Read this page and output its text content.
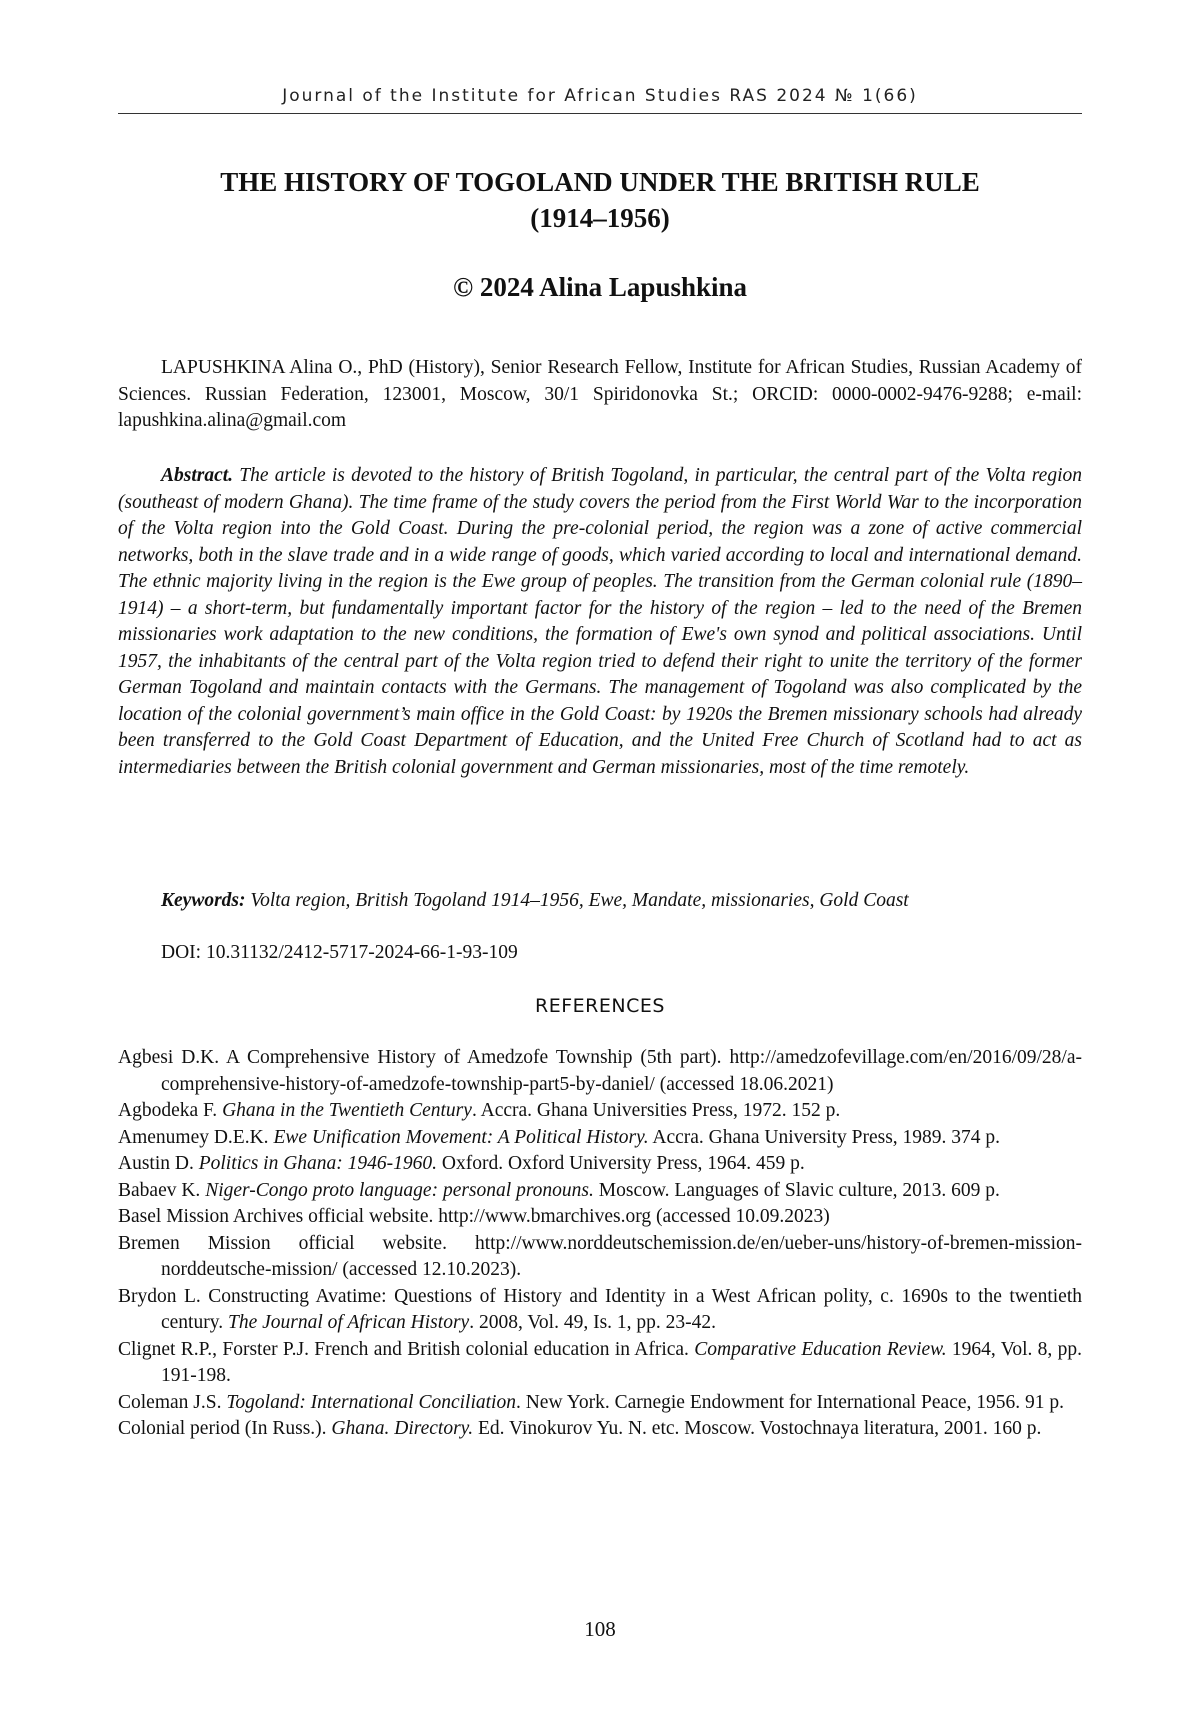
Journal of the Institute for African Studies RAS 2024 № 1(66)
THE HISTORY OF TOGOLAND UNDER THE BRITISH RULE
(1914–1956)
© 2024 Alina Lapushkina

LAPUSHKINA Alina O., PhD (History), Senior Research Fellow, Institute for African Studies, Russian Academy of Sciences. Russian Federation, 123001, Moscow, 30/1 Spiridonovka St.; ORCID: 0000-0002-9476-9288; e-mail: lapushkina.alina@gmail.com

Abstract. The article is devoted to the history of British Togoland, in particular, the central part of the Volta region (southeast of modern Ghana). The time frame of the study covers the period from the First World War to the incorporation of the Volta region into the Gold Coast. During the pre-colonial period, the region was a zone of active commercial networks, both in the slave trade and in a wide range of goods, which varied according to local and international demand. The ethnic majority living in the region is the Ewe group of peoples. The transition from the German colonial rule (1890–1914) – a short-term, but fundamentally important factor for the history of the region – led to the need of the Bremen missionaries work adaptation to the new conditions, the formation of Ewe's own synod and political associations. Until 1957, the inhabitants of the central part of the Volta region tried to defend their right to unite the territory of the former German Togoland and maintain contacts with the Germans. The management of Togoland was also complicated by the location of the colonial government’s main office in the Gold Coast: by 1920s the Bremen missionary schools had already been transferred to the Gold Coast Department of Education, and the United Free Church of Scotland had to act as intermediaries between the British colonial government and German missionaries, most of the time remotely.

Keywords: Volta region, British Togoland 1914–1956, Ewe, Mandate, missionaries, Gold Coast

DOI: 10.31132/2412-5717-2024-66-1-93-109

REFERENCES
Agbesi D.K. A Comprehensive History of Amedzofe Township (5th part). http://amedzofevillage.com/en/2016/09/28/a-comprehensive-history-of-amedzofe-township-part5-by-daniel/ (accessed 18.06.2021)
Agbodeka F. Ghana in the Twentieth Century. Accra. Ghana Universities Press, 1972. 152 p.
Amenumey D.E.K. Ewe Unification Movement: A Political History. Accra. Ghana University Press, 1989. 374 p.
Austin D. Politics in Ghana: 1946-1960. Oxford. Oxford University Press, 1964. 459 p.
Babaev K. Niger-Congo proto language: personal pronouns. Moscow. Languages of Slavic culture, 2013. 609 p.
Basel Mission Archives official website. http://www.bmarchives.org (accessed 10.09.2023)
Bremen Mission official website. http://www.norddeutschemission.de/en/ueber-uns/history-of-bremen-mission-norddeutsche-mission/ (accessed 12.10.2023).
Brydon L. Constructing Avatime: Questions of History and Identity in a West African polity, c. 1690s to the twentieth century. The Journal of African History. 2008, Vol. 49, Is. 1, pp. 23-42.
Clignet R.P., Forster P.J. French and British colonial education in Africa. Comparative Education Review. 1964, Vol. 8, pp. 191-198.
Coleman J.S. Togoland: International Conciliation. New York. Carnegie Endowment for International Peace, 1956. 91 p.
Colonial period (In Russ.). Ghana. Directory. Ed. Vinokurov Yu. N. etc. Moscow. Vostochnaya literatura, 2001. 160 p.
108
